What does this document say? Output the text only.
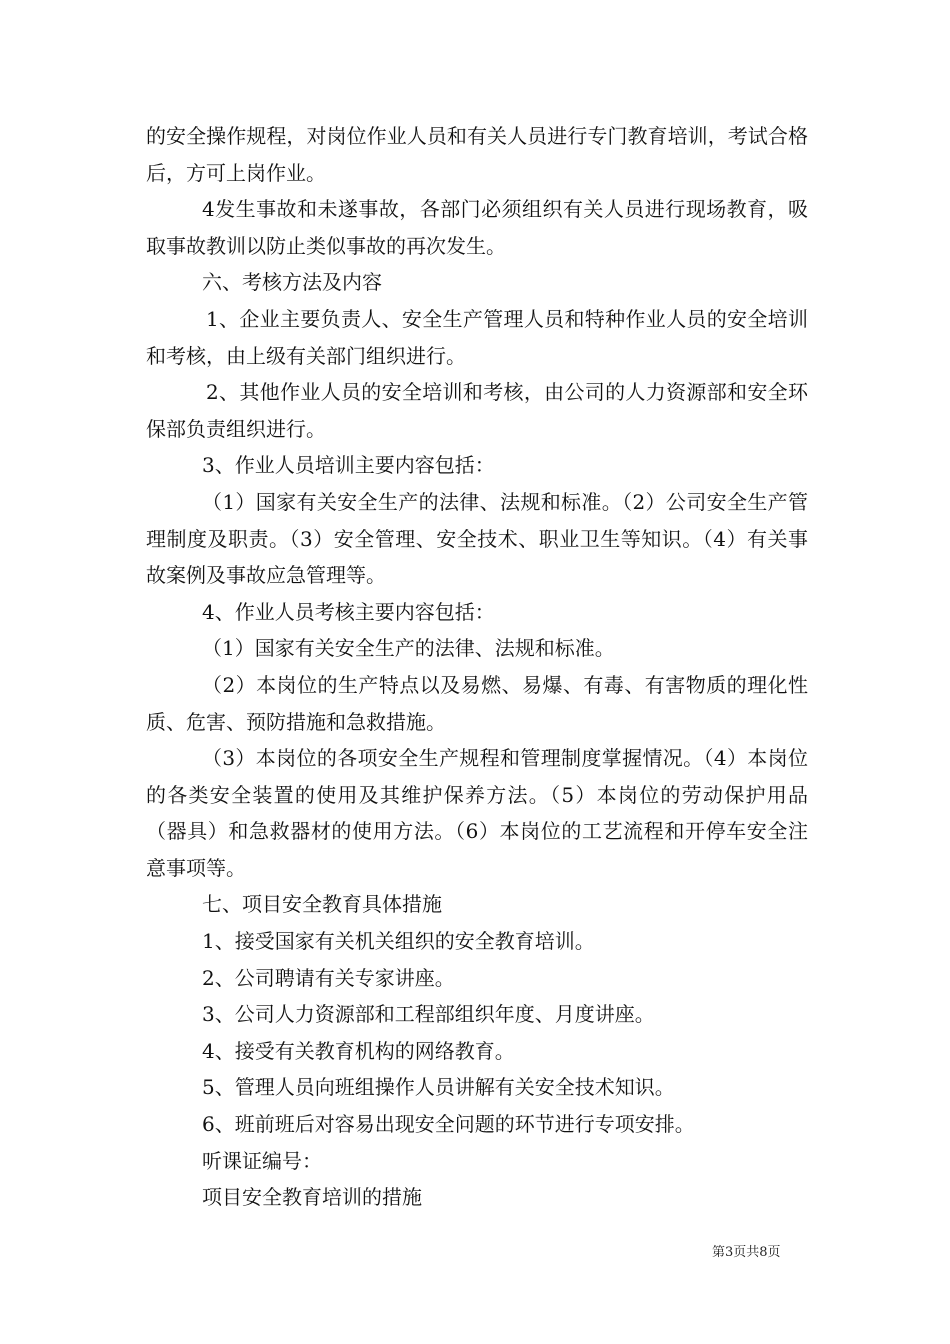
的安全操作规程，对岗位作业人员和有关人员进行专门教育培训，考试合格后，方可上岗作业。

4发生事故和未遂事故，各部门必须组织有关人员进行现场教育，吸取事故教训以防止类似事故的再次发生。

六、考核方法及内容

1、企业主要负责人、安全生产管理人员和特种作业人员的安全培训和考核，由上级有关部门组织进行。

2、其他作业人员的安全培训和考核，由公司的人力资源部和安全环保部负责组织进行。

3、作业人员培训主要内容包括：

（1）国家有关安全生产的法律、法规和标准。（2）公司安全生产管理制度及职责。（3）安全管理、安全技术、职业卫生等知识。（4）有关事故案例及事故应急管理等。

4、作业人员考核主要内容包括：

（1）国家有关安全生产的法律、法规和标准。

（2）本岗位的生产特点以及易燃、易爆、有毒、有害物质的理化性质、危害、预防措施和急救措施。

（3）本岗位的各项安全生产规程和管理制度掌握情况。（4）本岗位的各类安全装置的使用及其维护保养方法。（5）本岗位的劳动保护用品（器具）和急救器材的使用方法。（6）本岗位的工艺流程和开停车安全注意事项等。

七、项目安全教育具体措施

1、接受国家有关机关组织的安全教育培训。

2、公司聘请有关专家讲座。

3、公司人力资源部和工程部组织年度、月度讲座。

4、接受有关教育机构的网络教育。

5、管理人员向班组操作人员讲解有关安全技术知识。

6、班前班后对容易出现安全问题的环节进行专项安排。

听课证编号：

项目安全教育培训的措施

第3页共8页
